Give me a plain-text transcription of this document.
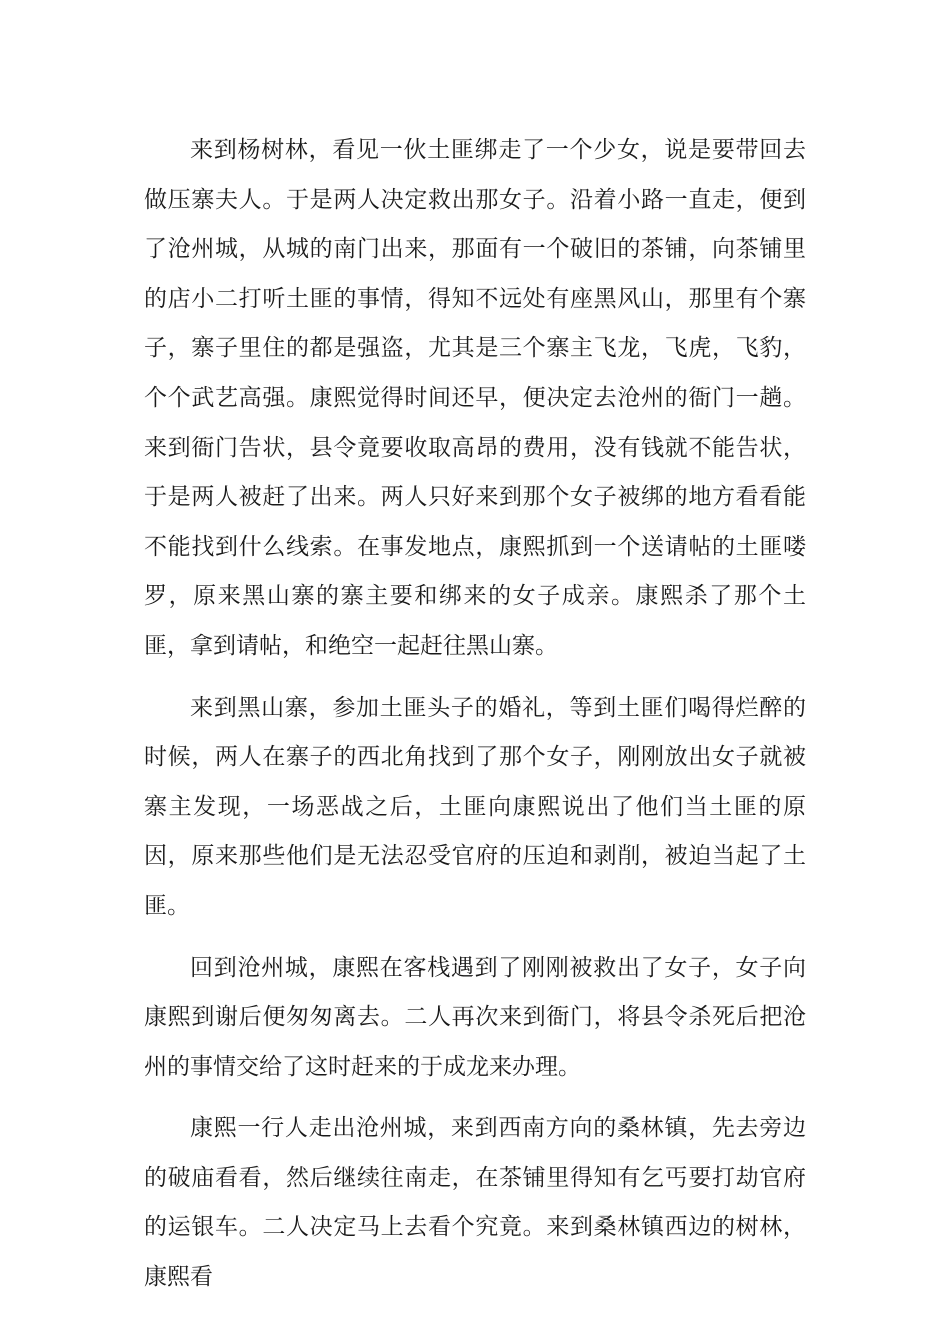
来到杨树林，看见一伙土匪绑走了一个少女，说是要带回去做压寨夫人。于是两人决定救出那女子。沿着小路一直走，便到了沧州城，从城的南门出来，那面有一个破旧的茶铺，向茶铺里的店小二打听土匪的事情，得知不远处有座黑风山，那里有个寨子，寨子里住的都是强盗，尤其是三个寨主飞龙，飞虎，飞豹，个个武艺高强。康熙觉得时间还早，便决定去沧州的衙门一趟。来到衙门告状，县令竟要收取高昂的费用，没有钱就不能告状，于是两人被赶了出来。两人只好来到那个女子被绑的地方看看能不能找到什么线索。在事发地点，康熙抓到一个送请帖的土匪喽罗，原来黑山寨的寨主要和绑来的女子成亲。康熙杀了那个土匪，拿到请帖，和绝空一起赶往黑山寨。

来到黑山寨，参加土匪头子的婚礼，等到土匪们喝得烂醉的时候，两人在寨子的西北角找到了那个女子，刚刚放出女子就被寨主发现，一场恶战之后，土匪向康熙说出了他们当土匪的原因，原来那些他们是无法忍受官府的压迫和剥削，被迫当起了土匪。

回到沧州城，康熙在客栈遇到了刚刚被救出了女子，女子向康熙到谢后便匆匆离去。二人再次来到衙门，将县令杀死后把沧州的事情交给了这时赶来的于成龙来办理。

康熙一行人走出沧州城，来到西南方向的桑林镇，先去旁边的破庙看看，然后继续往南走，在茶铺里得知有乞丐要打劫官府的运银车。二人决定马上去看个究竟。来到桑林镇西边的树林，康熙看
